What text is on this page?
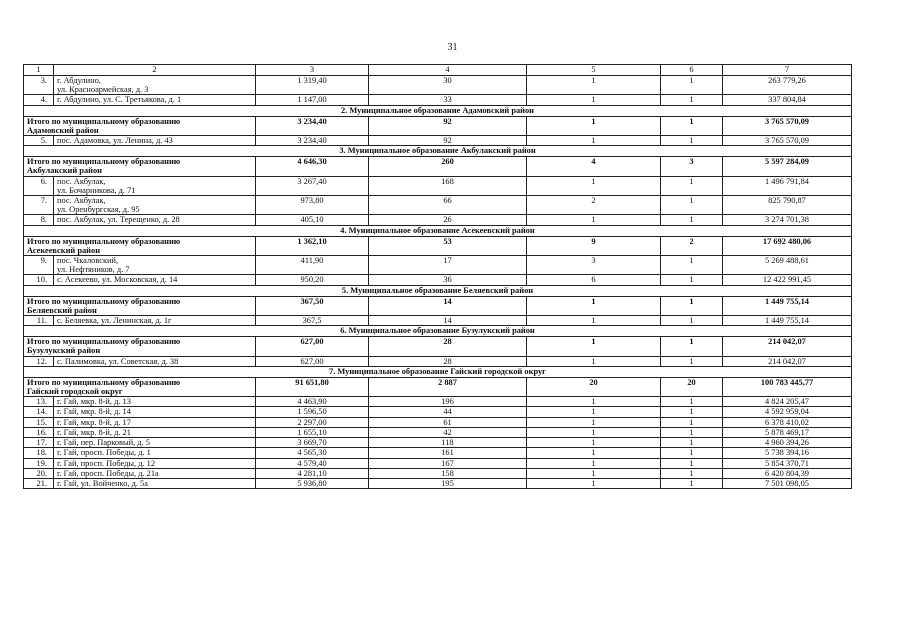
31
1	2	3	4	5	6	7
3.	г. Абдулино,
ул. Красноармейская, д. 3	1 319,40	30	1	1	263 779,26
4.	г. Абдулино, ул. С. Третьякова, д. 1	1 147,00	33	1	1	337 804,84
2. Муниципальное образование Адамовский район						

Итого по муниципальному образованию
Адамовский район		3 234,40	92	1	1	3 765 570,09
5.	пос. Адамовка, ул. Ленина, д. 43	3 234,40	92	1	1	3 765 570,09
3. Муниципальное образование Акбулакский район						

Итого по муниципальному образованию
Акбулакский район		4 646,30	260	4	3	5 597 284,09
6.	пос. Акбулак,
ул. Бочарникова, д. 71	3 267,40	168	1	1	1 496 791,84
7.	пос. Акбулак,
ул. Оренбургская, д. 95	973,80	66	2	1	825 790,87
8.	пос. Акбулак, ул. Терещенко, д. 28	405,10	26	1	1	3 274 701,38
4. Муниципальное образование Асекеевский район						

Итого по муниципальному образованию
Асекеевский район		1 362,10	53	9	2	17 692 480,06
9.	пос. Чкаловский,
ул. Нефтяников, д. 7	411,90	17	3	1	5 269 488,61
10.	с. Асекеево, ул. Московская, д. 14	950,20	36	6	1	12 422 991,45
5. Муниципальное образование Беляевский район						

Итого по муниципальному образованию
Беляевский район		367,50	14	1	1	1 449 755,14
11.	с. Беляевка, ул. Ленинская, д. 1г	367,5	14	1	1	1 449 755,14
6. Муниципальное образование Бузулукский район						

Итого по муниципальному образованию
Бузулукский район		627,00	28	1	1	214 042,07
12.	с. Палимовка, ул. Советская, д. 38	627,00	28	1	1	214 042,07
7. Муниципальное образование Гайский городской округ						

Итого по муниципальному образованию
Гайский городской округ		91 651,80	2 887	20	20	100 783 445,77
13.	г. Гай, мкр. 8-й, д. 13	4 463,90	196	1	1	4 824 205,47
14.	г. Гай, мкр. 8-й, д. 14	1 596,50	44	1	1	4 592 959,04
15.	г. Гай, мкр. 8-й, д. 17	2 297,00	61	1	1	6 378 410,02
16.	г. Гай, мкр. 8-й, д. 21	1 655,10	42	1	1	5 878 469,17
17.	г. Гай, пер. Парковый, д. 5	3 669,70	118	1	1	4 960 394,26
18.	г. Гай, просп. Победы, д. 1	4 565,30	161	1	1	5 738 394,16
19.	г. Гай, просп. Победы, д. 12	4 579,40	167	1	1	5 854 370,71
20.	г. Гай, просп. Победы, д. 21а	4 281,10	158	1	1	6 420 804,39
21.	г. Гай, ул. Войченко, д. 5а	5 936,80	195	1	1	7 501 098,05
